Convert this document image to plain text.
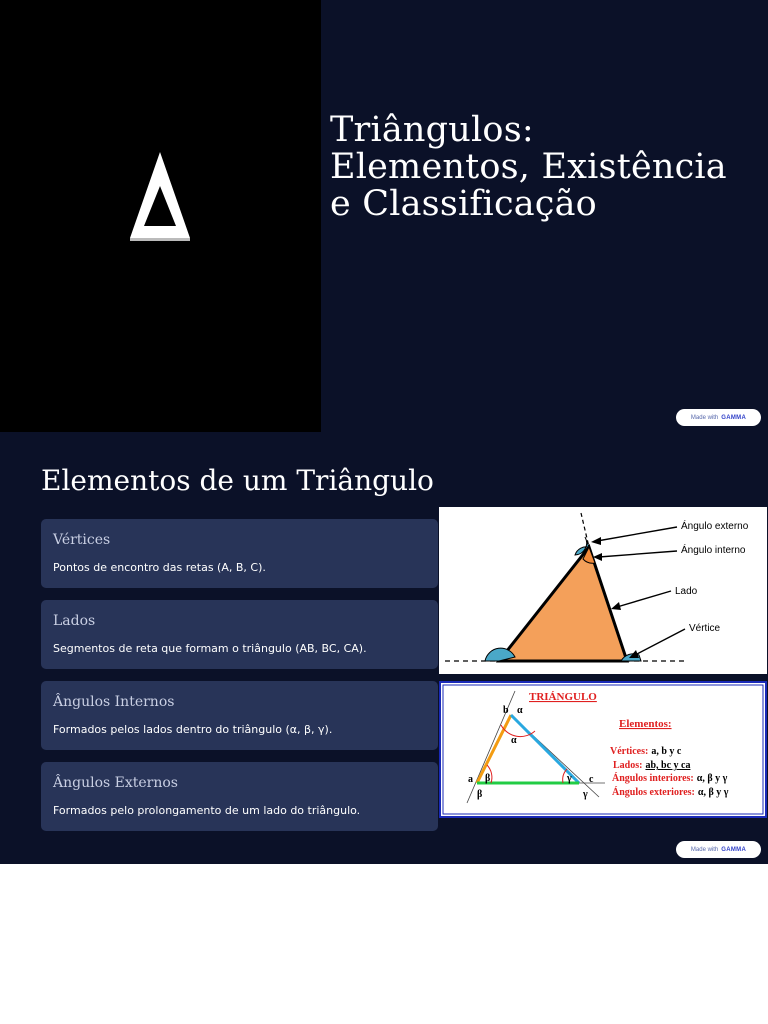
Triângulos:
Elementos, Existência
e Classificação
Made with GAMMA
Elementos de um Triângulo
Vértices
Pontos de encontro das retas (A, B, C).
Lados
Segmentos de reta que formam o triângulo (AB, BC, CA).
Ângulos Internos
Formados pelos lados dentro do triângulo (α, β, γ).
Ângulos Externos
Formados pelo prolongamento de um lado do triângulo.
Ángulo externo
Ángulo interno
Lado
Vértice
TRIÁNGULO
b α
α
a β
β
γ c
γ
Elementos:
Vértices: a, b y c
Lados: ab, bc y ca
Ángulos interiores: α, β y γ
Ángulos exteriores: α, β y γ
Made with GAMMA
